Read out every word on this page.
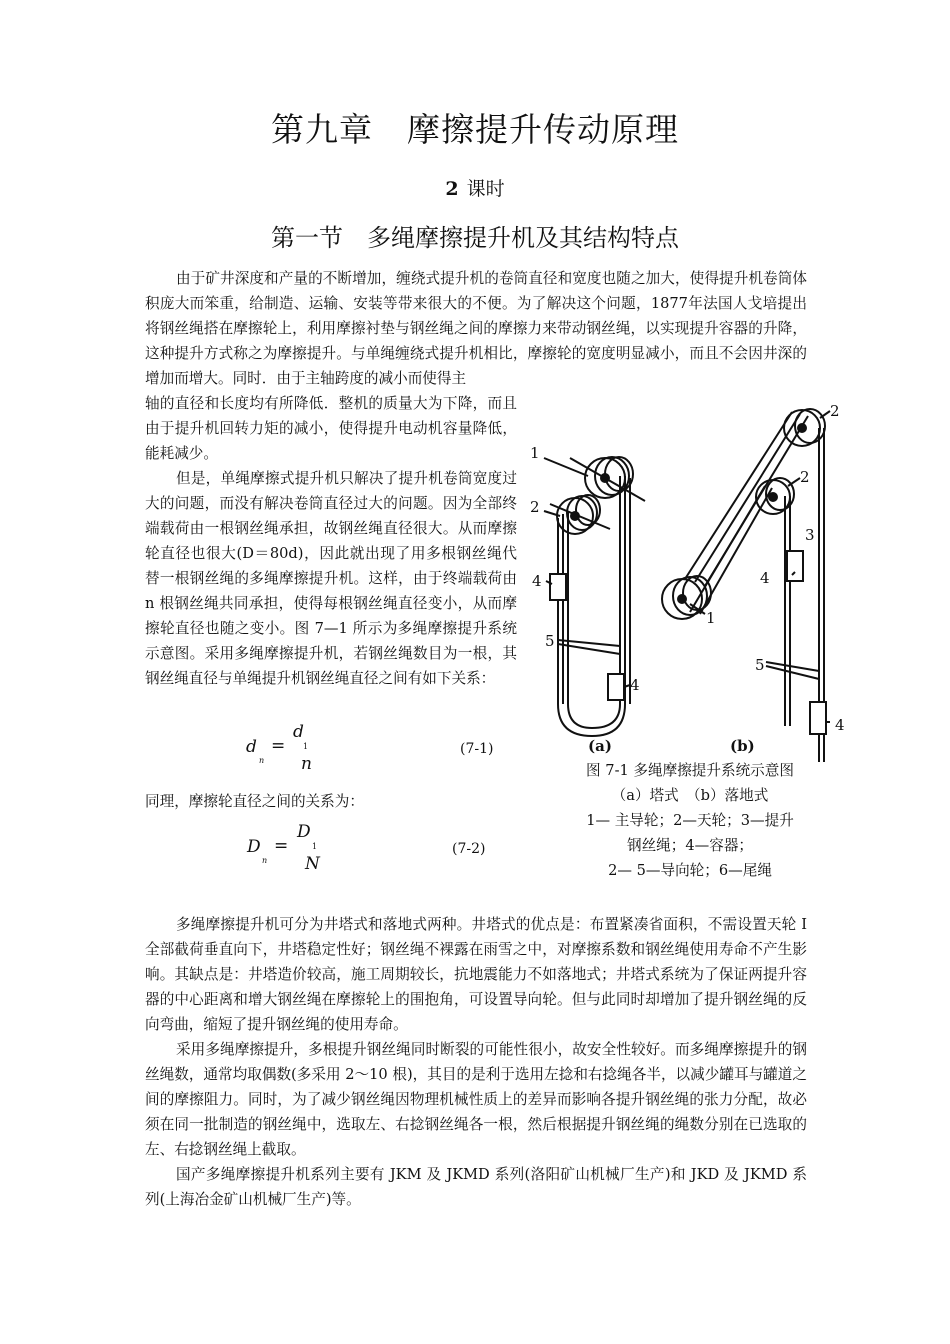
第九章　摩擦提升传动原理
2 课时
第一节　多绳摩擦提升机及其结构特点

由于矿井深度和产量的不断增加，缠绕式提升机的卷筒直径和宽度也随之加大，使得提升机卷筒体积庞大而笨重，给制造、运输、安装等带来很大的不便。为了解决这个问题，1877年法国人戈培提出将钢丝绳搭在摩擦轮上，利用摩擦衬垫与钢丝绳之间的摩擦力来带动钢丝绳，以实现提升容器的升降，这种提升方式称之为摩擦提升。与单绳缠绕式提升机相比，摩擦轮的宽度明显减小，而且不会因井深的增加而增大。同时．由于主轴跨度的减小而使得主

轴的直径和长度均有所降低．整机的质量大为下降，而且由于提升机回转力矩的减小，使得提升电动机容量降低，能耗减少。

但是，单绳摩擦式提升机只解决了提升机卷筒宽度过大的问题，而没有解决卷筒直径过大的问题。因为全部终端载荷由一根钢丝绳承担，故钢丝绳直径很大。从而摩擦轮直径也很大(D＝80d)，因此就出现了用多根钢丝绳代替一根钢丝绳的多绳摩擦提升机。这样，由于终端载荷由 n 根钢丝绳共同承担，使得每根钢丝绳直径变小，从而摩擦轮直径也随之变小。图 7—1 所示为多绳摩擦提升系统示意图。采用多绳摩擦提升机，若钢丝绳数目为一根，其钢丝绳直径与单绳提升机钢丝绳直径之间有如下关系：

d
n
=
d
1
n
(7-1)

同理，摩擦轮直径之间的关系为：

D
n
=
D
1
N
(7-2)
1
2
4
5
4
2
2
3
4
1
5
4
(a)	(b)
图 7-1 多绳摩擦提升系统示意图
（a）塔式　（b）落地式
1— 主导轮；2—天轮；3—提升
钢丝绳；4—容器；
2— 5—导向轮；6—尾绳

多绳摩擦提升机可分为井塔式和落地式两种。井塔式的优点是：布置紧凑省面积，不需设置天轮 I 全部截荷垂直向下，井塔稳定性好；钢丝绳不裸露在雨雪之中，对摩擦系数和钢丝绳使用寿命不产生影响。其缺点是：井塔造价较高，施工周期较长，抗地震能力不如落地式；井塔式系统为了保证两提升容器的中心距离和增大钢丝绳在摩擦轮上的围抱角，可设置导向轮。但与此同时却增加了提升钢丝绳的反向弯曲，缩短了提升钢丝绳的使用寿命。

采用多绳摩擦提升，多根提升钢丝绳同时断裂的可能性很小，故安全性较好。而多绳摩擦提升的钢丝绳数，通常均取偶数(多采用 2～10 根)，其目的是利于选用左捻和右捻绳各半，以减少罐耳与罐道之间的摩擦阻力。同时，为了减少钢丝绳因物理机械性质上的差异而影响各提升钢丝绳的张力分配，故必须在同一批制造的钢丝绳中，选取左、右捻钢丝绳各一根，然后根据提升钢丝绳的绳数分别在已选取的左、右捻钢丝绳上截取。

国产多绳摩擦提升机系列主要有 JKM 及 JKMD 系列(洛阳矿山机械厂生产)和 JKD 及 JKMD 系列(上海冶金矿山机械厂生产)等。
